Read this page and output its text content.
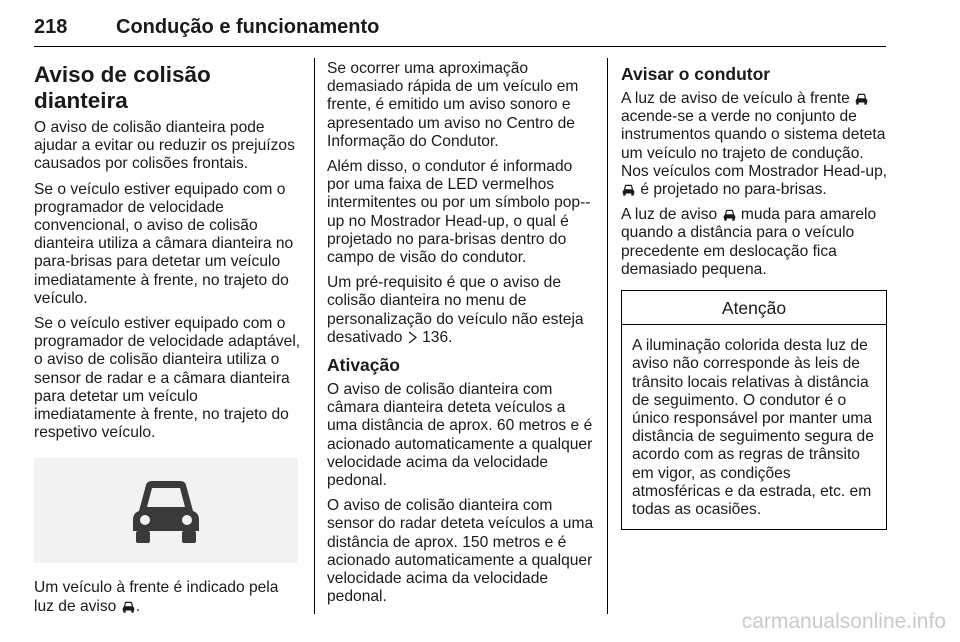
218 Condução e funcionamento
Aviso de colisão dianteira

O aviso de colisão dianteira pode ajudar a evitar ou reduzir os prejuízos causados por colisões frontais.

Se o veículo estiver equipado com o programador de velocidade convencional, o aviso de colisão dianteira utiliza a câmara dianteira no para-brisas para detetar um veículo imediatamente à frente, no trajeto do veículo.

Se o veículo estiver equipado com o programador de velocidade adaptável, o aviso de colisão dianteira utiliza o sensor de radar e a câmara dianteira para detetar um veículo imediatamente à frente, no trajeto do respetivo veículo.

Um veículo à frente é indicado pela luz de aviso .

Se ocorrer uma aproximação demasiado rápida de um veículo em frente, é emitido um aviso sonoro e apresentado um aviso no Centro de Informação do Condutor.

Além disso, o condutor é informado por uma faixa de LED vermelhos intermitentes ou por um símbolo pop--up no Mostrador Head-up, o qual é projetado no para-brisas dentro do campo de visão do condutor.

Um pré-requisito é que o aviso de colisão dianteira no menu de personalização do veículo não esteja desativado 136.

Ativação

O aviso de colisão dianteira com câmara dianteira deteta veículos a uma distância de aprox. 60 metros e é acionado automaticamente a qualquer velocidade acima da velocidade pedonal.

O aviso de colisão dianteira com sensor do radar deteta veículos a uma distância de aprox. 150 metros e é acionado automaticamente a qualquer velocidade acima da velocidade pedonal.

Avisar o condutor

A luz de aviso de veículo à frente  acende-se a verde no conjunto de instrumentos quando o sistema deteta um veículo no trajeto de condução. Nos veículos com Mostrador Head-up,  é projetado no para-brisas.

A luz de aviso muda para amarelo quando a distância para o veículo precedente em deslocação fica demasiado pequena.

Atenção
A iluminação colorida desta luz de aviso não corresponde às leis de trânsito locais relativas à distância de seguimento. O condutor é o único responsável por manter uma distância de seguimento segura de acordo com as regras de trânsito em vigor, as condições atmosféricas e da estrada, etc. em todas as ocasiões.
carmanualsonline.info
